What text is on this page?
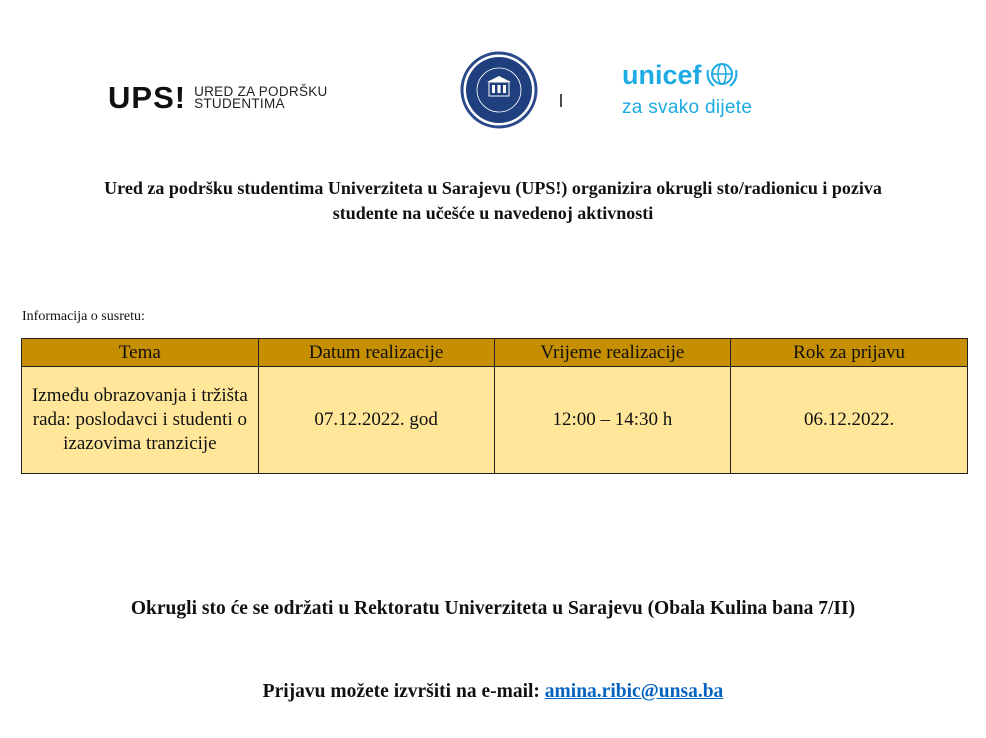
UPS! URED ZA PODRŠKU
STUDENTIMA
U S
STU NSIS
unicef
za svako dijete
Ured za podršku studentima Univerziteta u Sarajevu (UPS!) organizira okrugli sto/radionicu i poziva
studente na učešće u navedenoj aktivnosti
Informacija o susretu:
Tema	Datum realizacije	Vrijeme realizacije	Rok za prijavu
Između obrazovanja i tržišta rada: poslodavci i studenti o izazovima tranzicije	07.12.2022. god	12:00 – 14:30 h	06.12.2022.
Okrugli sto će se održati u Rektoratu Univerziteta u Sarajevu (Obala Kulina bana 7/II)
Prijavu možete izvršiti na e-mail: amina.ribic@unsa.ba
